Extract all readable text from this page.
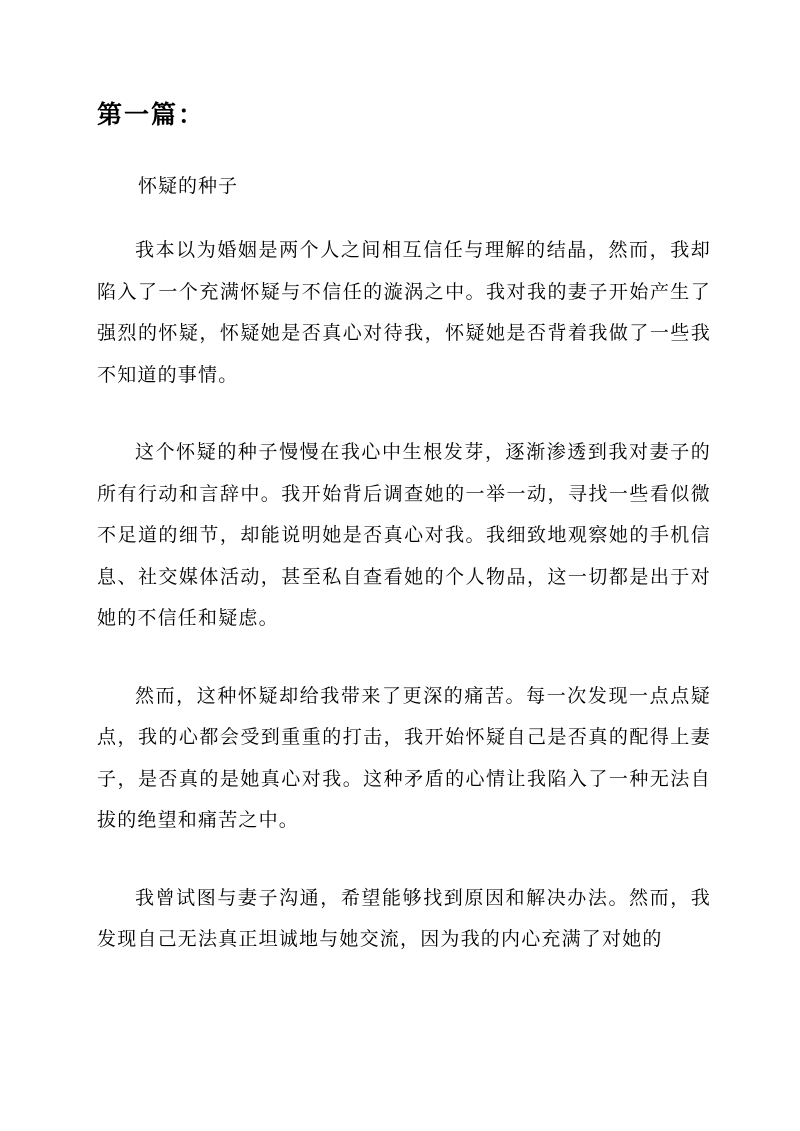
第一篇：

怀疑的种子

我本以为婚姻是两个人之间相互信任与理解的结晶，然而，我却陷入了一个充满怀疑与不信任的漩涡之中。我对我的妻子开始产生了强烈的怀疑，怀疑她是否真心对待我，怀疑她是否背着我做了一些我不知道的事情。

这个怀疑的种子慢慢在我心中生根发芽，逐渐渗透到我对妻子的所有行动和言辞中。我开始背后调查她的一举一动，寻找一些看似微不足道的细节，却能说明她是否真心对我。我细致地观察她的手机信息、社交媒体活动，甚至私自查看她的个人物品，这一切都是出于对她的不信任和疑虑。

然而，这种怀疑却给我带来了更深的痛苦。每一次发现一点点疑点，我的心都会受到重重的打击，我开始怀疑自己是否真的配得上妻子，是否真的是她真心对我。这种矛盾的心情让我陷入了一种无法自拔的绝望和痛苦之中。

我曾试图与妻子沟通，希望能够找到原因和解决办法。然而，我发现自己无法真正坦诚地与她交流，因为我的内心充满了对她的
